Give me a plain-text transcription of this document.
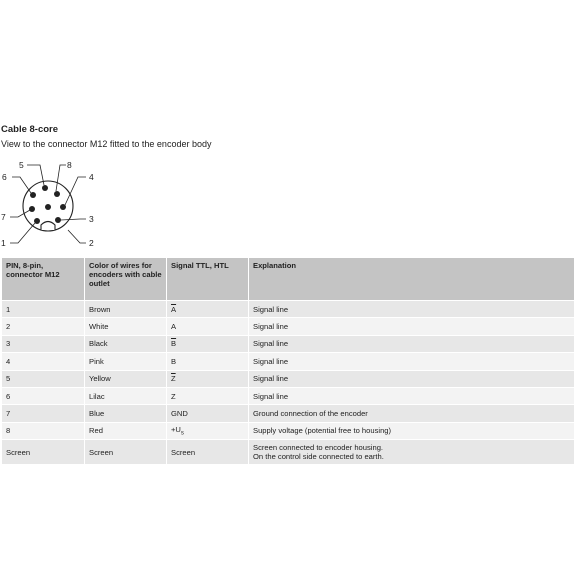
Cable 8-core

View to the connector M12 fitted to the encoder body

5	8
6	4
7	3
1	2
PIN, 8-pin, connector M12	Color of wires for encoders with cable outlet	Signal TTL, HTL	Explanation
1	Brown	$\overline{A}$	Signal line

2	White	A	Signal line

3	Black	$\overline{B}$	Signal line

4	Pink	B	Signal line

5	Yellow	$\overline{Z}$	Signal line

6	Lilac	Z	Signal line

7	Blue	GND	Ground connection of the encoder

8	Red	$+U_s$	Supply voltage (potential free to housing)

Screen	Screen	Screen	Screen connected to encoder housing.
On the control side connected to earth.
